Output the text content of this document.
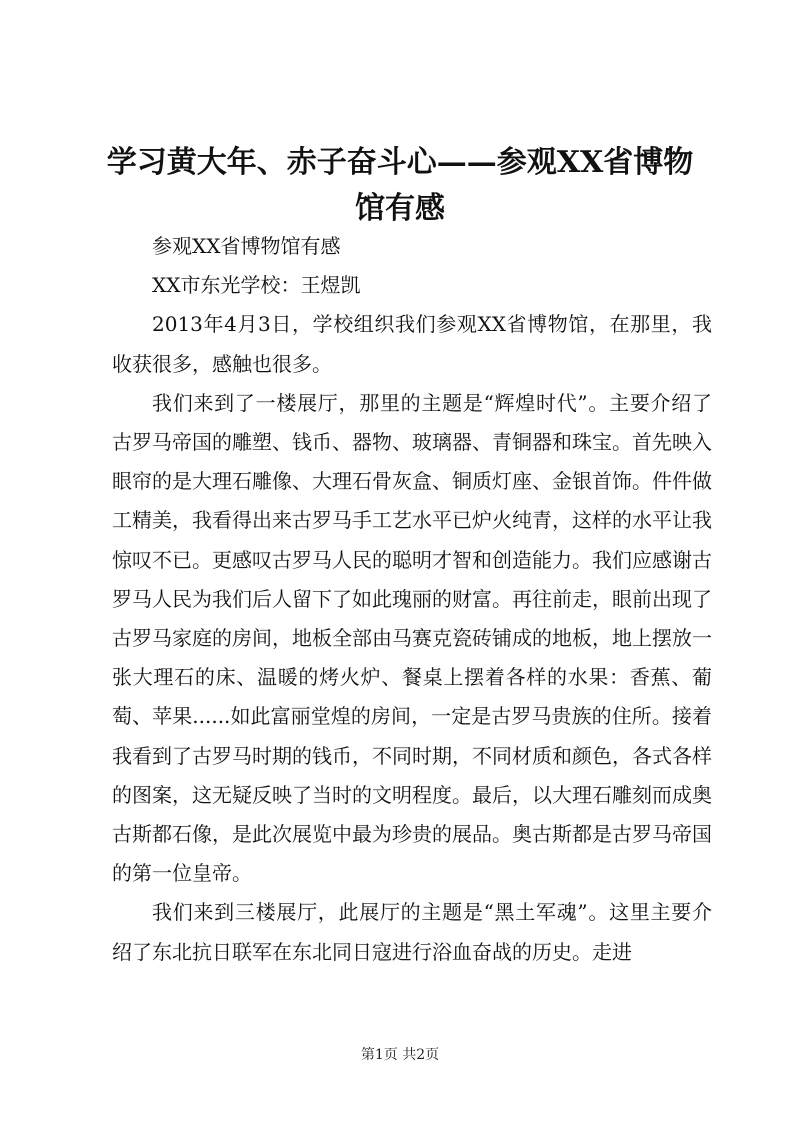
学习黄大年、赤子奋斗心——参观XX省博物馆有感

参观XX省博物馆有感

XX市东光学校：王煜凯

2013年4月3日，学校组织我们参观XX省博物馆，在那里，我收获很多，感触也很多。

我们来到了一楼展厅，那里的主题是“辉煌时代”。主要介绍了古罗马帝国的雕塑、钱币、器物、玻璃器、青铜器和珠宝。首先映入眼帘的是大理石雕像、大理石骨灰盒、铜质灯座、金银首饰。件件做工精美，我看得出来古罗马手工艺水平已炉火纯青，这样的水平让我惊叹不已。更感叹古罗马人民的聪明才智和创造能力。我们应感谢古罗马人民为我们后人留下了如此瑰丽的财富。再往前走，眼前出现了古罗马家庭的房间，地板全部由马赛克瓷砖铺成的地板，地上摆放一张大理石的床、温暖的烤火炉、餐桌上摆着各样的水果：香蕉、葡萄、苹果......如此富丽堂煌的房间，一定是古罗马贵族的住所。接着我看到了古罗马时期的钱币，不同时期，不同材质和颜色，各式各样的图案，这无疑反映了当时的文明程度。最后，以大理石雕刻而成奥古斯都石像，是此次展览中最为珍贵的展品。奥古斯都是古罗马帝国的第一位皇帝。

我们来到三楼展厅，此展厅的主题是“黑土军魂”。这里主要介绍了东北抗日联军在东北同日寇进行浴血奋战的历史。走进

第1页 共2页
